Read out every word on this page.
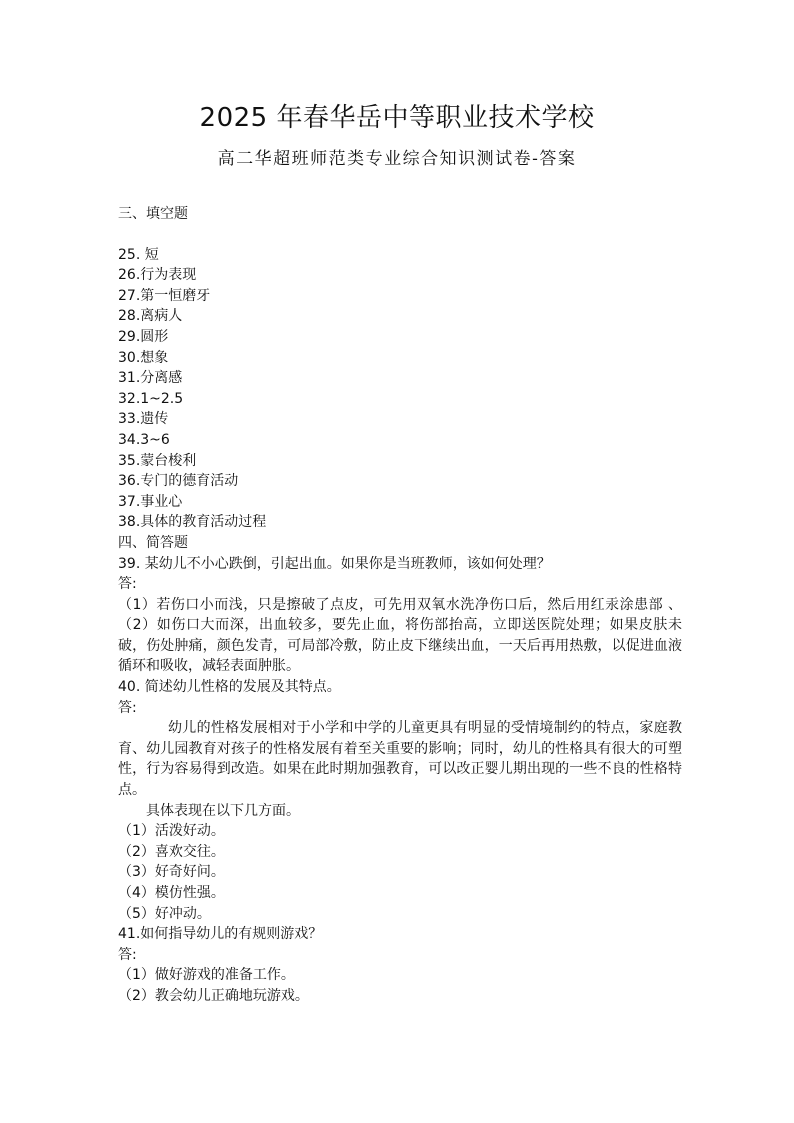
2025 年春华岳中等职业技术学校
高二华超班师范类专业综合知识测试卷-答案
三、填空题
25. 短
26.行为表现
27.第一恒磨牙
28.离病人
29.圆形
30.想象
31.分离感
32.1~2.5
33.遗传
34.3~6
35.蒙台梭利
36.专门的德育活动
37.事业心
38.具体的教育活动过程
四、简答题
39. 某幼儿不小心跌倒，引起出血。如果你是当班教师，该如何处理？
答:
（1）若伤口小而浅，只是擦破了点皮，可先用双氧水洗净伤口后，然后用红汞涂患部 、（2）如伤口大而深，出血较多，要先止血，将伤部抬高，立即送医院处理；如果皮肤未破，伤处肿痛，颜色发青，可局部冷敷，防止皮下继续出血，一天后再用热敷，以促进血液循环和吸收，减轻表面肿胀。
40. 简述幼儿性格的发展及其特点。
答:
幼儿的性格发展相对于小学和中学的儿童更具有明显的受情境制约的特点，家庭教育、幼儿园教育对孩子的性格发展有着至关重要的影响；同时，幼儿的性格具有很大的可塑性，行为容易得到改造。如果在此时期加强教育，可以改正婴儿期出现的一些不良的性格特点。
具体表现在以下几方面。
（1）活泼好动。
（2）喜欢交往。
（3）好奇好问。
（4）模仿性强。
（5）好冲动。
41.如何指导幼儿的有规则游戏？
答:
（1）做好游戏的准备工作。
（2）教会幼儿正确地玩游戏。
